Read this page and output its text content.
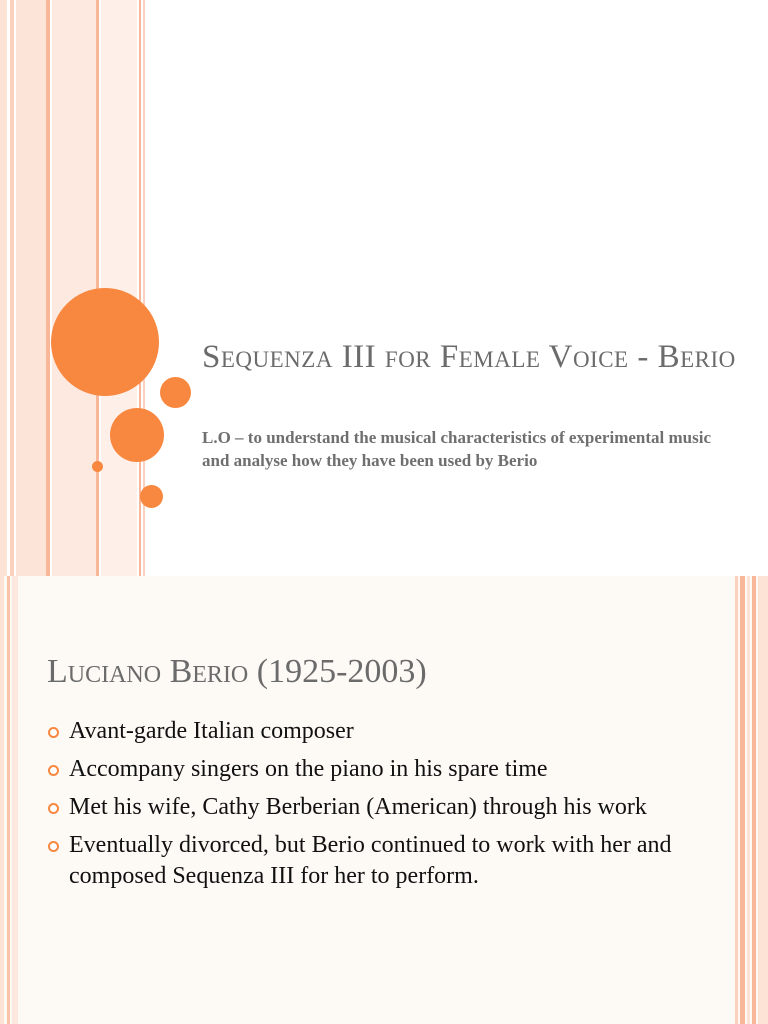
Sequenza III for Female Voice - Berio

L.O – to understand the musical characteristics of experimental music and analyse how they have been used by Berio

Luciano Berio (1925-2003)
Avant-garde Italian composer
Accompany singers on the piano in his spare time
Met his wife, Cathy Berberian (American) through his work
Eventually divorced, but Berio continued to work with her and composed Sequenza III for her to perform.
